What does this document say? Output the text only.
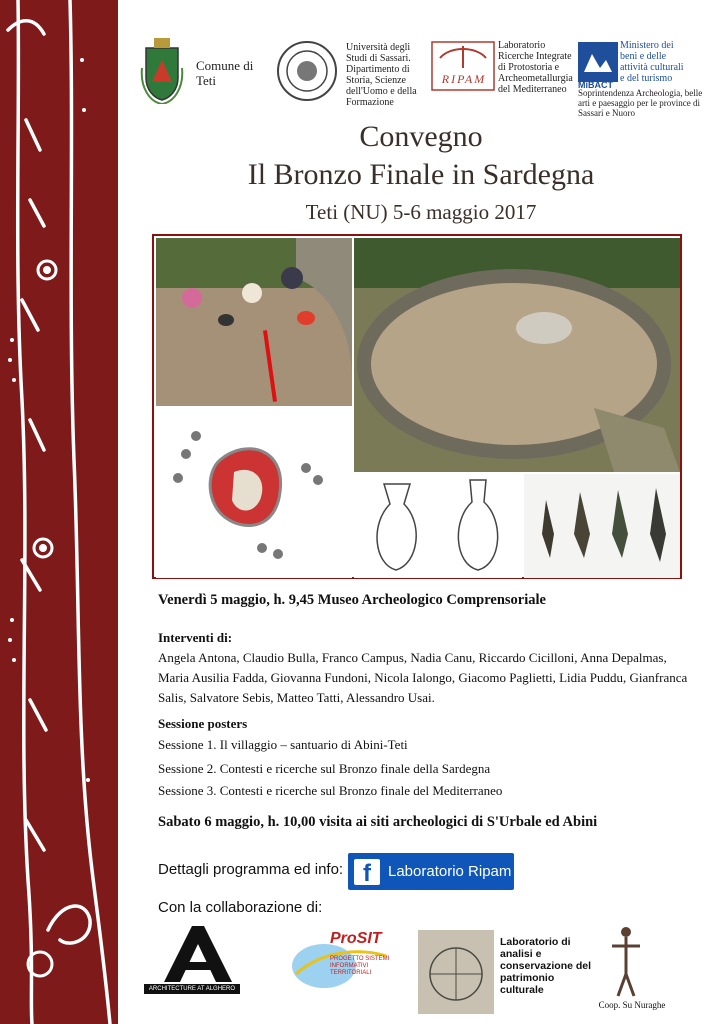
Comune di Teti
Università degli Studi di Sassari. Dipartimento di Storia, Scienze dell'Uomo e della Formazione
RIPAM
Laboratorio Ricerche Integrate di Protostoria e Archeometallurgia del Mediterraneo	MiBACT
Ministero dei beni e delle attività culturali e del turismo
Soprintendenza Archeologia, belle arti e paesaggio per le province di Sassari e Nuoro
Convegno
Il Bronzo Finale in Sardegna
Teti (NU) 5-6 maggio 2017
Venerdì 5 maggio, h. 9,45 Museo Archeologico Comprensoriale
Interventi di:
Angela Antona, Claudio Bulla, Franco Campus, Nadia Canu, Riccardo Cicilloni, Anna Depalmas, Maria Ausilia Fadda, Giovanna Fundoni, Nicola Ialongo, Giacomo Paglietti, Lidia Puddu, Gianfranca Salis, Salvatore Sebis, Matteo Tatti, Alessandro Usai.
Sessione posters
Sessione 1. Il villaggio – santuario di Abini-Teti
Sessione 2. Contesti e ricerche sul Bronzo finale della Sardegna
Sessione 3. Contesti e ricerche sul Bronzo finale del Mediterraneo
Sabato 6 maggio, h. 10,00 visita ai siti archeologici di S'Urbale ed Abini
Dettagli programma ed info: f	Laboratorio Ripam
Con la collaborazione di:
ARCHITECTURE AT ALGHERO
ProSIT
PROGETTO SISTEMI INFORMATIVI TERRITORIALI
Laboratorio di analisi e conservazione del patrimonio culturale
Coop. Su Nuraghe
